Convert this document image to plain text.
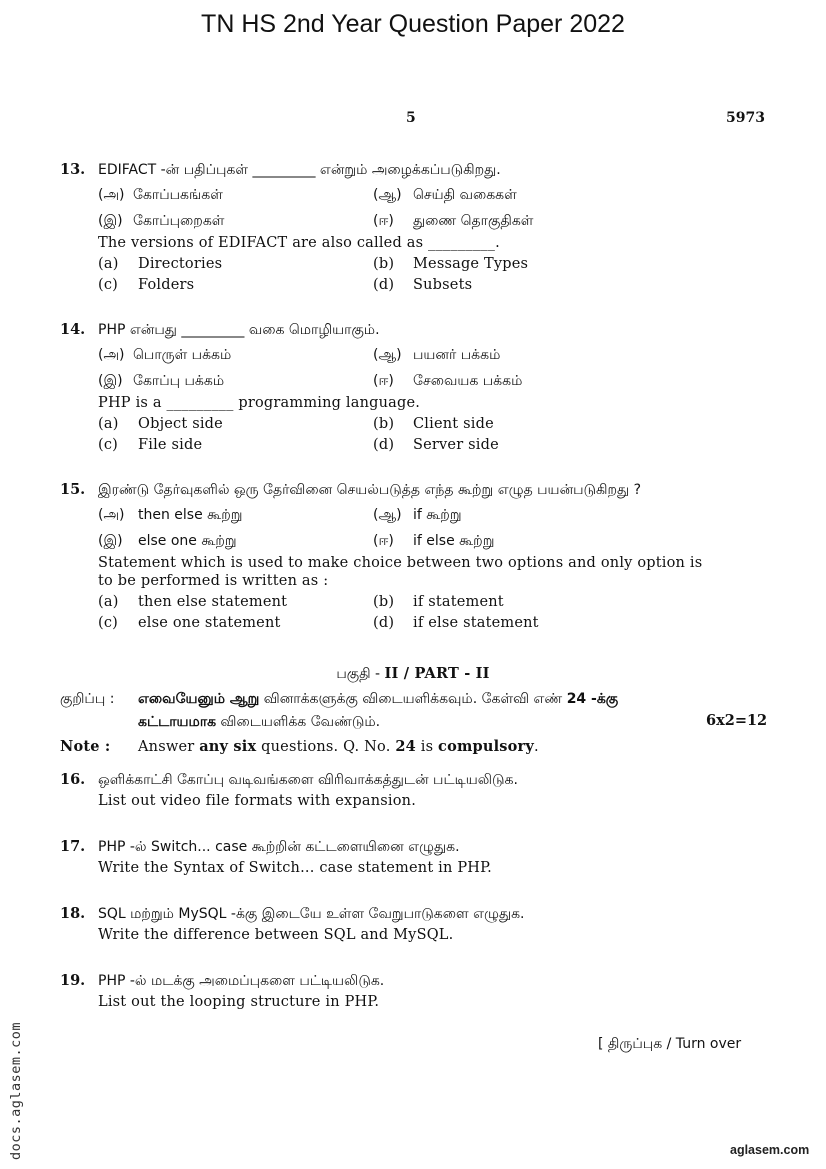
TN HS 2nd Year Question Paper 2022
5	5973
13. EDIFACT -ன் பதிப்புகள் _________ என்றும் அழைக்கப்படுகிறது.
(அ) கோப்பகங்கள்	(ஆ) செய்தி வகைகள்
(இ) கோப்புறைகள்	(ஈ) துணை தொகுதிகள்
The versions of EDIFACT are also called as _________.
(a) Directories	(b) Message Types
(c) Folders	(d) Subsets
14. PHP என்பது _________ வகை மொழியாகும்.
(அ) பொருள் பக்கம்	(ஆ) பயனர் பக்கம்
(இ) கோப்பு பக்கம்	(ஈ) சேவையக பக்கம்
PHP is a _________ programming language.
(a) Object side	(b) Client side
(c) File side	(d) Server side
15. இரண்டு தேர்வுகளில் ஒரு தேர்வினை செயல்படுத்த எந்த கூற்று எழுத பயன்படுகிறது ?
(அ) then else கூற்று	(ஆ) if கூற்று
(இ) else one கூற்று	(ஈ) if else கூற்று
Statement which is used to make choice between two options and only option is
to be performed is written as :
(a) then else statement	(b) if statement
(c) else one statement	(d) if else statement
பகுதி - II / PART - II
குறிப்பு : எவையேனும் ஆறு வினாக்களுக்கு விடையளிக்கவும். கேள்வி எண் 24 -க்கு
கட்டாயமாக விடையளிக்க வேண்டும்.	6x2=12
Note : Answer any six questions. Q. No. 24 is compulsory.
16. ஒளிக்காட்சி கோப்பு வடிவங்களை விரிவாக்கத்துடன் பட்டியலிடுக.
List out video file formats with expansion.
17. PHP -ல் Switch... case கூற்றின் கட்டளையினை எழுதுக.
Write the Syntax of Switch... case statement in PHP.
18. SQL மற்றும் MySQL -க்கு இடையே உள்ள வேறுபாடுகளை எழுதுக.
Write the difference between SQL and MySQL.
19. PHP -ல் மடக்கு அமைப்புகளை பட்டியலிடுக.
List out the looping structure in PHP.
[ திருப்புக / Turn over
docs.aglasem.com	aglasem.com
